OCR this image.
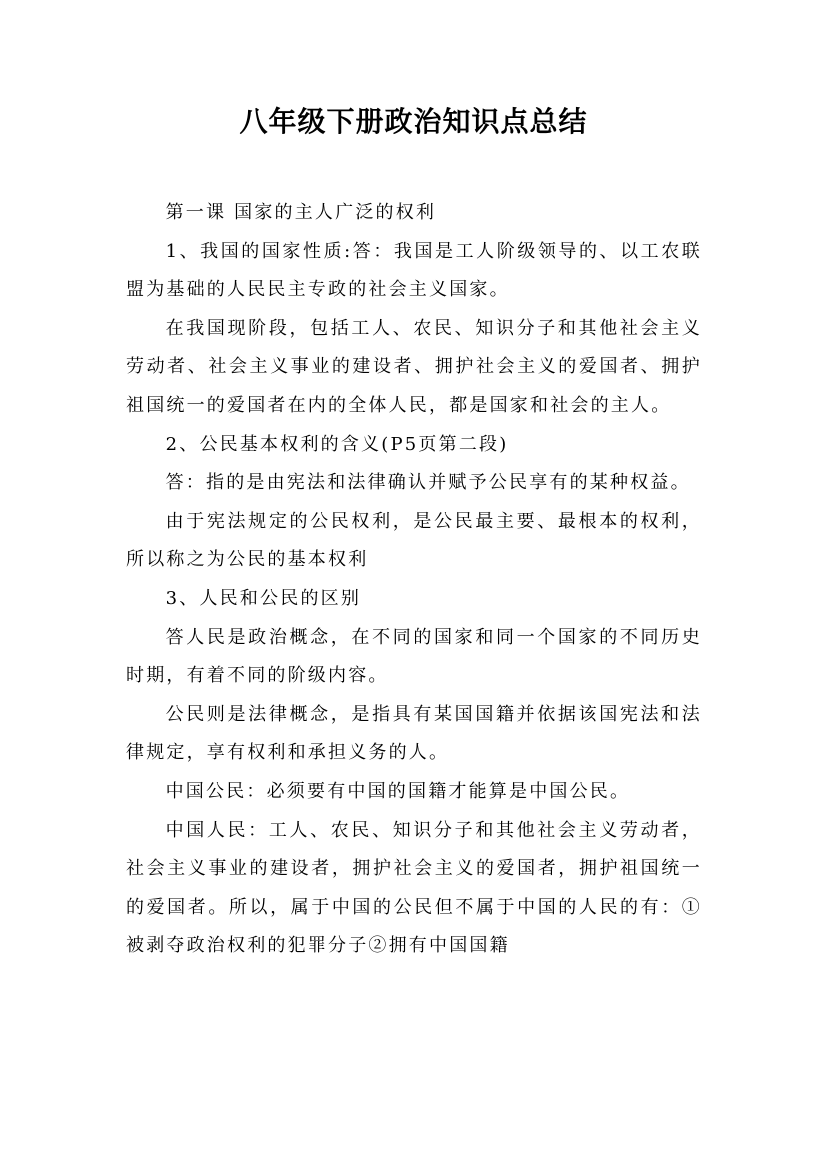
八年级下册政治知识点总结

第一课 国家的主人广泛的权利

1、我国的国家性质:答：我国是工人阶级领导的、以工农联盟为基础的人民民主专政的社会主义国家。

在我国现阶段，包括工人、农民、知识分子和其他社会主义劳动者、社会主义事业的建设者、拥护社会主义的爱国者、拥护祖国统一的爱国者在内的全体人民，都是国家和社会的主人。

2、公民基本权利的含义(P5页第二段)

答：指的是由宪法和法律确认并赋予公民享有的某种权益。

由于宪法规定的公民权利，是公民最主要、最根本的权利，所以称之为公民的基本权利

3、人民和公民的区别

答人民是政治概念，在不同的国家和同一个国家的不同历史时期，有着不同的阶级内容。

公民则是法律概念，是指具有某国国籍并依据该国宪法和法律规定，享有权利和承担义务的人。

中国公民：必须要有中国的国籍才能算是中国公民。

中国人民：工人、农民、知识分子和其他社会主义劳动者，社会主义事业的建设者，拥护社会主义的爱国者，拥护祖国统一的爱国者。所以，属于中国的公民但不属于中国的人民的有：① 被剥夺政治权利的犯罪分子②拥有中国国籍
